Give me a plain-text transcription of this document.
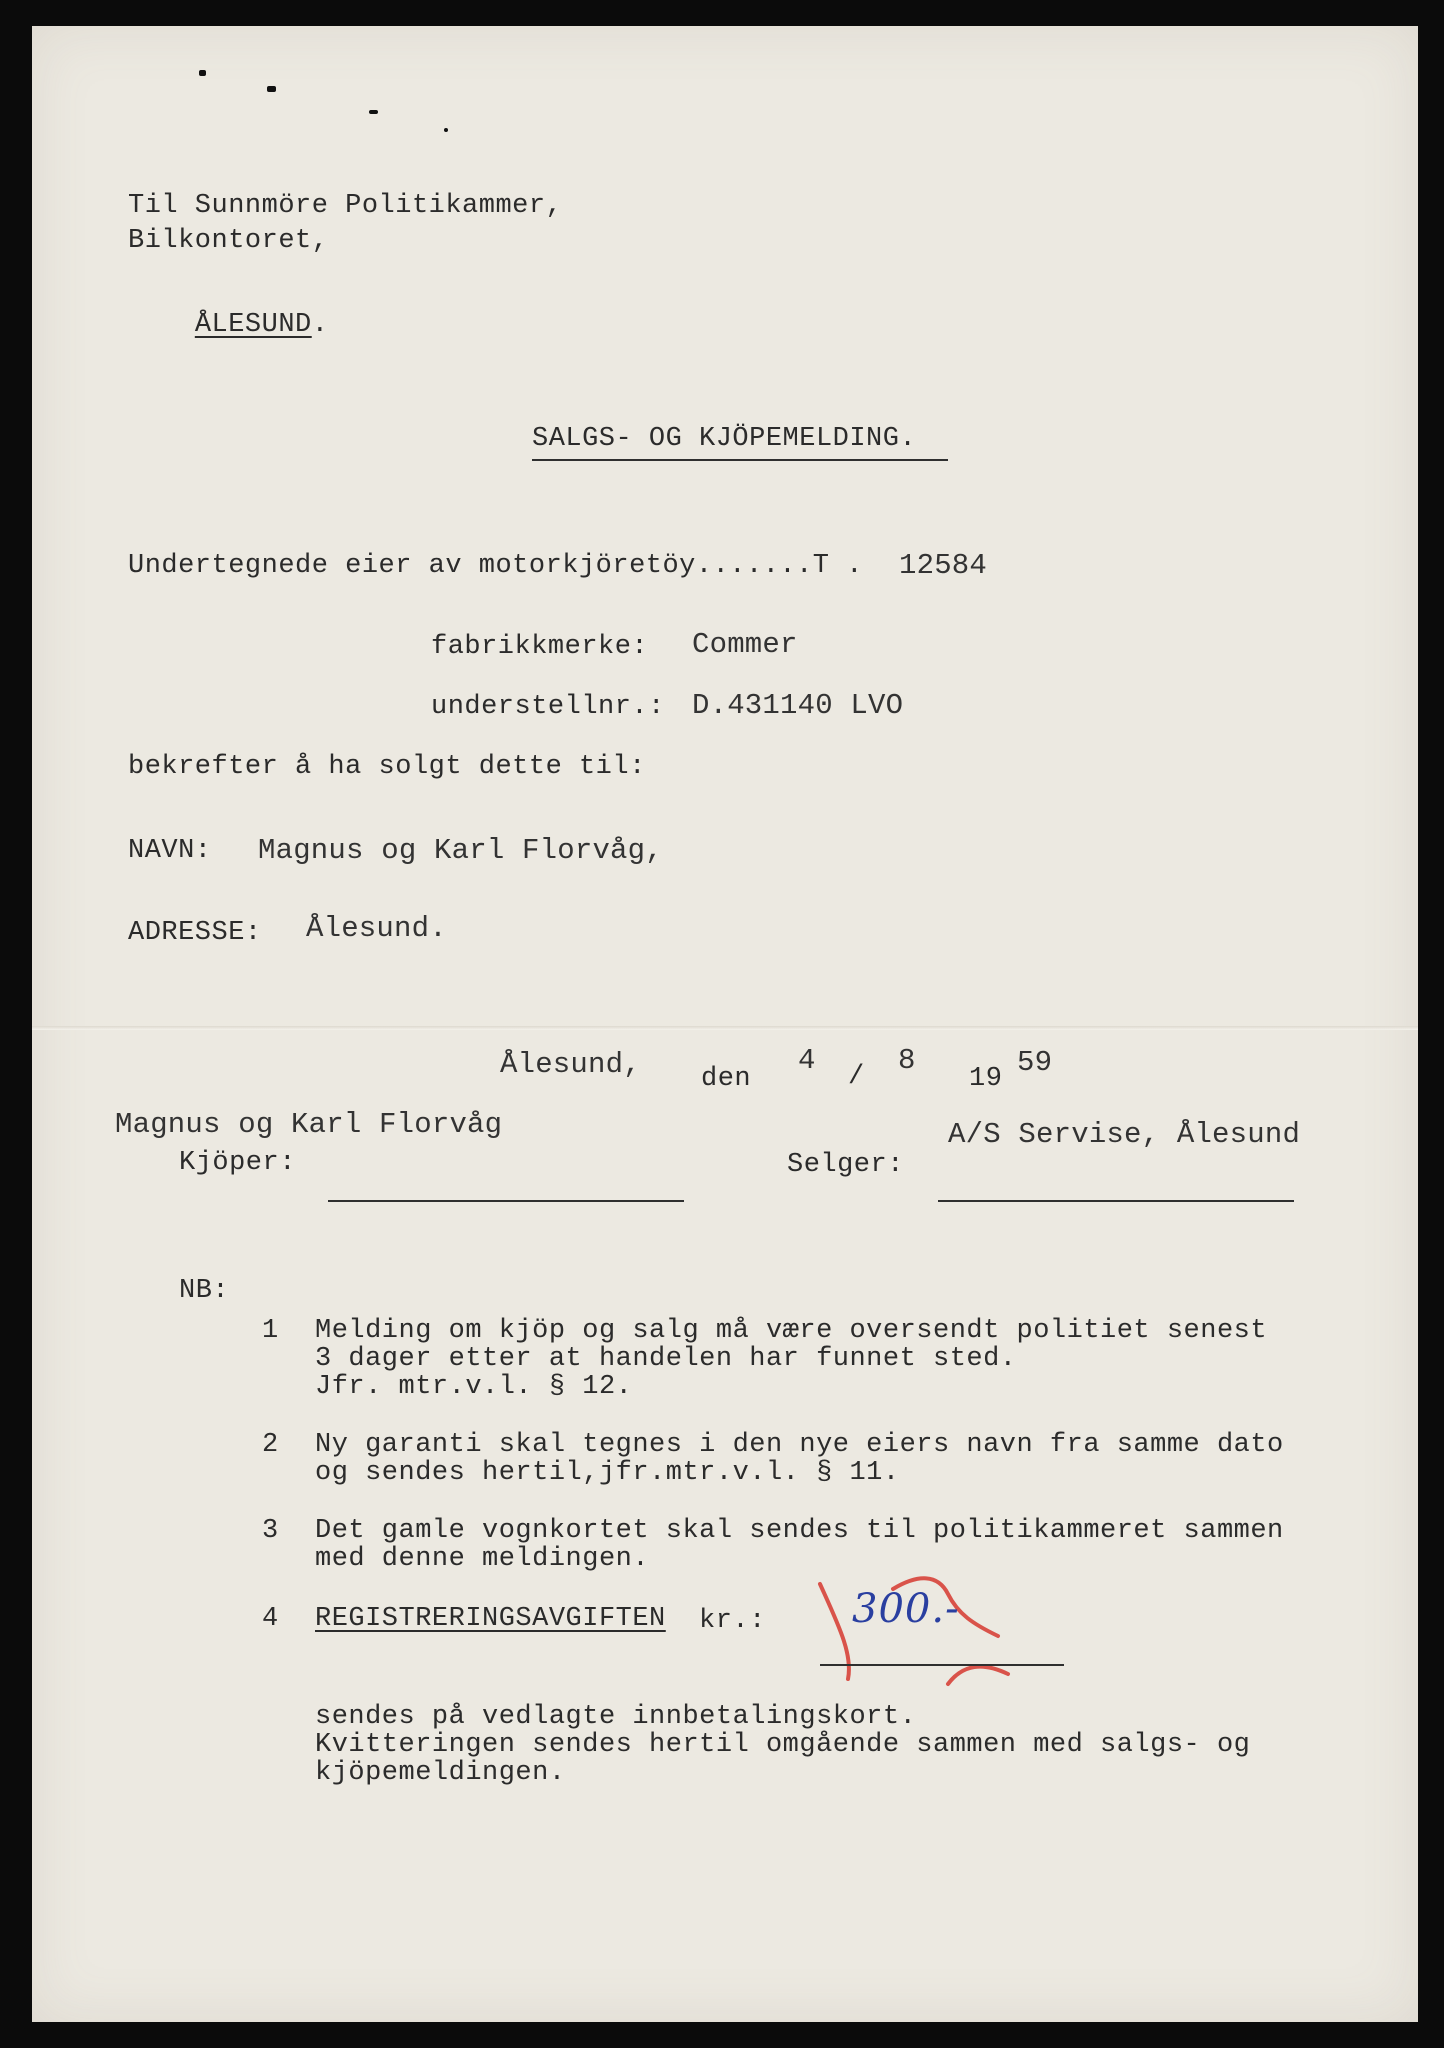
Til Sunnmöre Politikammer,
Bilkontoret,

ÅLESUND.

SALGS- OG KJÖPEMELDING.
Undertegnede eier av motorkjöretöy.......T . 12584
fabrikkmerke: Commer
understellnr.: D.431140 LVO
bekrefter å ha solgt dette til:
NAVN: Magnus og Karl Florvåg,
ADRESSE: Ålesund.
Ålesund, den
4 / 8
19 59
Magnus og Karl Florvåg
Kjöper:	Selger:
A/S Servise, Ålesund
NB:
1 Melding om kjöp og salg må være oversendt politiet senest
3 dager etter at handelen har funnet sted.
Jfr. mtr.v.l. § 12.
2 Ny garanti skal tegnes i den nye eiers navn fra samme dato
og sendes hertil,jfr.mtr.v.l. § 11.
3 Det gamle vognkortet skal sendes til politikammeret sammen
med denne meldingen.
4 REGISTRERINGSAVGIFTEN kr.: 300.-
sendes på vedlagte innbetalingskort.
Kvitteringen sendes hertil omgående sammen med salgs- og
kjöpemeldingen.
